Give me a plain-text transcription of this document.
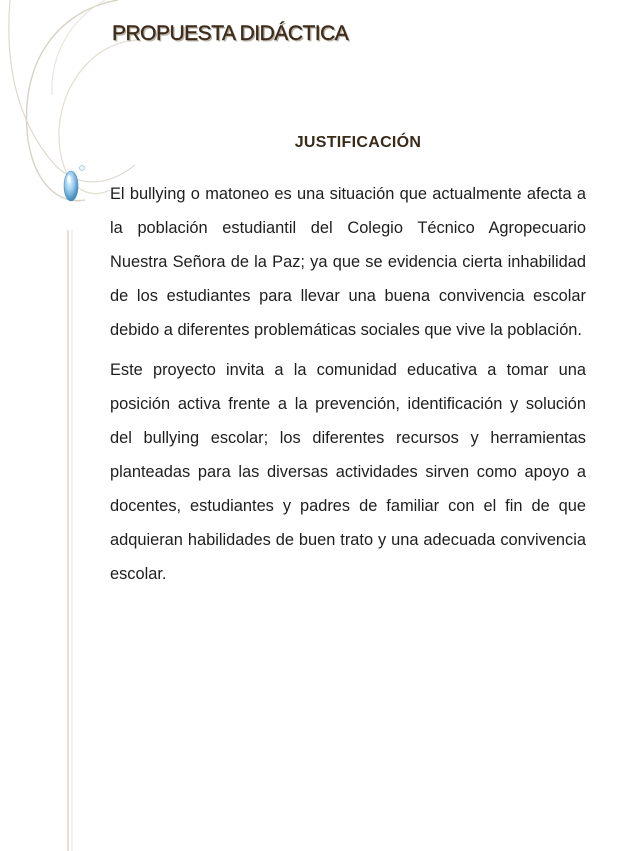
PROPUESTA DIDÁCTICA
JUSTIFICACIÓN

El bullying o matoneo es una situación que actualmente afecta a la población estudiantil del Colegio Técnico Agropecuario Nuestra Señora de la Paz; ya que se evidencia cierta inhabilidad de los estudiantes para llevar una buena convivencia escolar debido a diferentes problemáticas sociales que vive la población.

Este proyecto invita a la comunidad educativa a tomar una posición activa frente a la prevención, identificación y solución del bullying escolar; los diferentes recursos y herramientas planteadas para las diversas actividades sirven como apoyo a docentes, estudiantes y padres de familiar con el fin de que adquieran habilidades de buen trato y una adecuada convivencia escolar.
